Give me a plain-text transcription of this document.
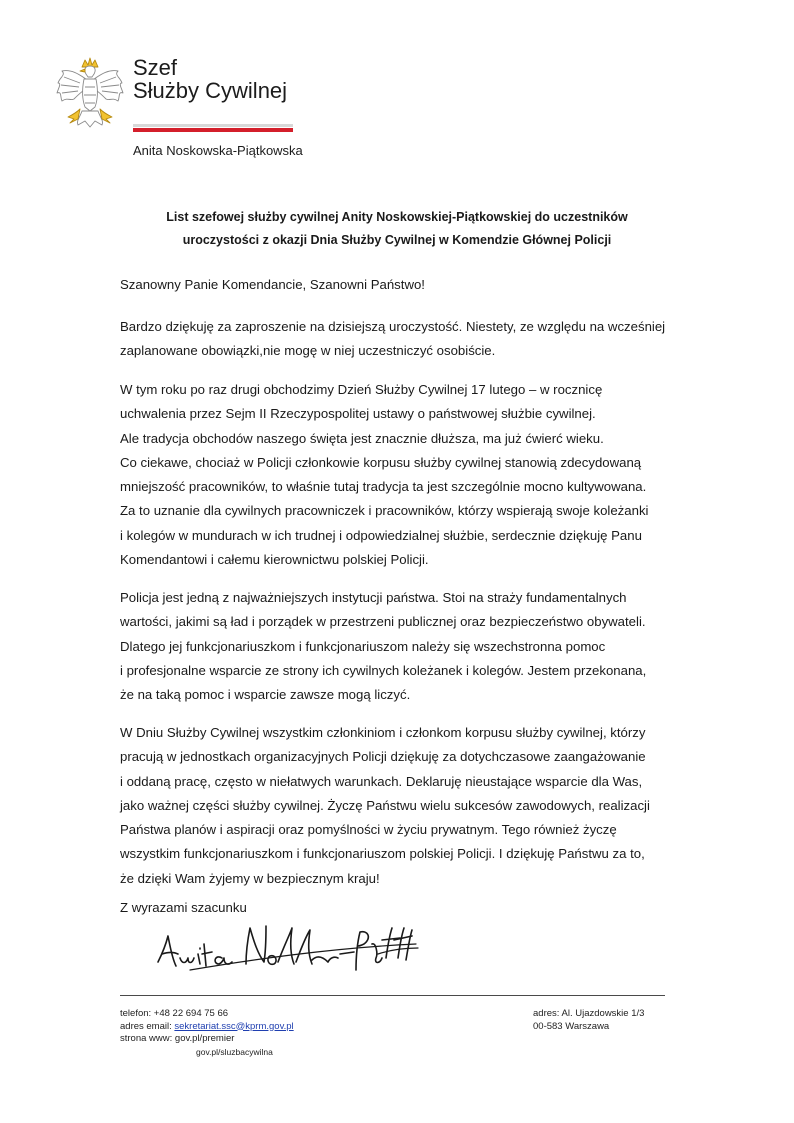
Szef
Służby Cywilnej
Anita Noskowska-Piątkowska
List szefowej służby cywilnej Anity Noskowskiej-Piątkowskiej do uczestników
uroczystości z okazji Dnia Służby Cywilnej w Komendzie Głównej Policji
Szanowny Panie Komendancie, Szanowni Państwo!
Bardzo dziękuję za zaproszenie na dzisiejszą uroczystość. Niestety, ze względu na wcześniej
zaplanowane obowiązki,nie mogę w niej uczestniczyć osobiście.
W tym roku po raz drugi obchodzimy Dzień Służby Cywilnej 17 lutego – w rocznicę
uchwalenia przez Sejm II Rzeczypospolitej ustawy o państwowej służbie cywilnej.
Ale tradycja obchodów naszego święta jest znacznie dłuższa, ma już ćwierć wieku.
Co ciekawe, chociaż w Policji członkowie korpusu służby cywilnej stanowią zdecydowaną
mniejszość pracowników, to właśnie tutaj tradycja ta jest szczególnie mocno kultywowana.
Za to uznanie dla cywilnych pracowniczek i pracowników, którzy wspierają swoje koleżanki
i kolegów w mundurach w ich trudnej i odpowiedzialnej służbie, serdecznie dziękuję Panu
Komendantowi i całemu kierownictwu polskiej Policji.
Policja jest jedną z najważniejszych instytucji państwa. Stoi na straży fundamentalnych
wartości, jakimi są ład i porządek w przestrzeni publicznej oraz bezpieczeństwo obywateli.
Dlatego jej funkcjonariuszkom i funkcjonariuszom należy się wszechstronna pomoc
i profesjonalne wsparcie ze strony ich cywilnych koleżanek i kolegów. Jestem przekonana,
że na taką pomoc i wsparcie zawsze mogą liczyć.
W Dniu Służby Cywilnej wszystkim członkiniom i członkom korpusu służby cywilnej, którzy
pracują w jednostkach organizacyjnych Policji dziękuję za dotychczasowe zaangażowanie
i oddaną pracę, często w niełatwych warunkach. Deklaruję nieustające wsparcie dla Was,
jako ważnej części służby cywilnej. Życzę Państwu wielu sukcesów zawodowych, realizacji
Państwa planów i aspiracji oraz pomyślności w życiu prywatnym. Tego również życzę
wszystkim funkcjonariuszkom i funkcjonariuszom polskiej Policji. I dziękuję Państwu za to,
że dzięki Wam żyjemy w bezpiecznym kraju!
Z wyrazami szacunku
telefon: +48 22 694 75 66
adres email: sekretariat.ssc@kprm.gov.pl
strona www: gov.pl/premier
gov.pl/sluzbacywilna
adres: Al. Ujazdowskie 1/3
00-583 Warszawa
